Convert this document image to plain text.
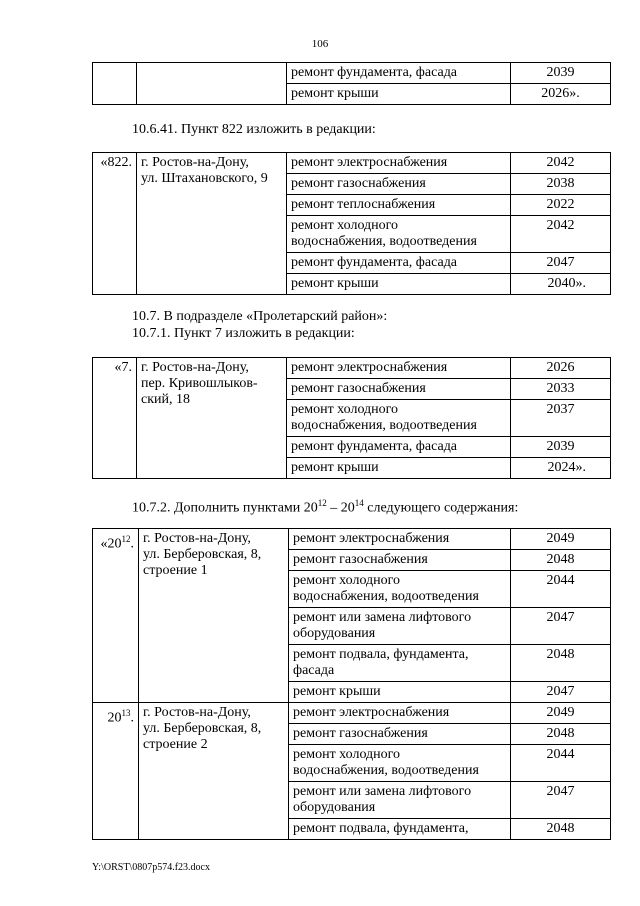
106
		ремонт фундамента, фасада	2039
		ремонт крыши	2026».
10.6.41. Пункт 822 изложить в редакции:
«822.	г. Ростов-на-Дону,
ул. Штахановского, 9	ремонт электроснабжения	2042
		ремонт газоснабжения	2038
		ремонт теплоснабжения	2022

		ремонт холодного
водоснабжения, водоотведения	2042
		ремонт фундамента, фасада	2047
		ремонт крыши	2040».
10.7. В подразделе «Пролетарский район»:
10.7.1. Пункт 7 изложить в редакции:
«7.	г. Ростов-на-Дону,
пер. Кривошлыков-
ский, 18	ремонт электроснабжения	2026
		ремонт газоснабжения	2033

		ремонт холодного
водоснабжения, водоотведения	2037
		ремонт фундамента, фасада	2039
		ремонт крыши	2024».
10.7.2. Дополнить пунктами $20^{12} - 20^{14}$ следующего содержания:
«$20^{12}$.	г. Ростов-на-Дону,
ул. Берберовская, 8,
строение 1	ремонт электроснабжения	2049
		ремонт газоснабжения	2048

		ремонт холодного
водоснабжения, водоотведения	2044

		ремонт или замена лифтового
оборудования	2047

		ремонт подвала, фундамента,
фасада	2048
		ремонт крыши	2047
$20^{13}$.	г. Ростов-на-Дону,
ул. Берберовская, 8,
строение 2	ремонт электроснабжения	2049
		ремонт газоснабжения	2048

		ремонт холодного
водоснабжения, водоотведения	2044

		ремонт или замена лифтового
оборудования	2047
		ремонт подвала, фундамента,	2048
Y:\ORST\0807p574.f23.docx
